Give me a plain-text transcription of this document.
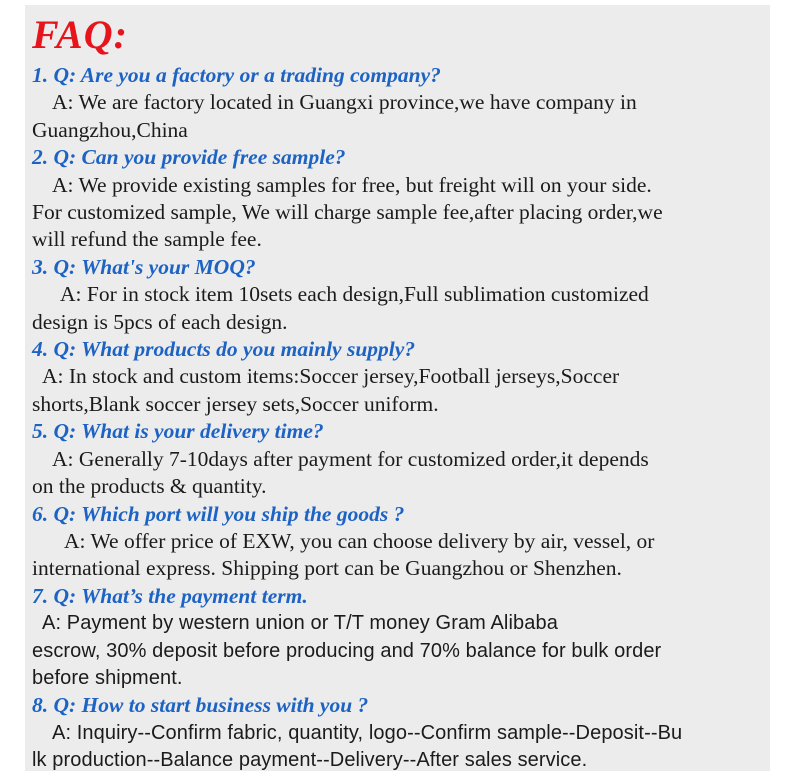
FAQ:

1. Q: Are you a factory or a trading company?

A: We are factory located in Guangxi province,we have company in
Guangzhou,China

2. Q: Can you provide free sample?

A: We provide existing samples for free, but freight will on your side.
For customized sample, We will charge sample fee,after placing order,we
will refund the sample fee.

3. Q: What's your MOQ?

A: For in stock item 10sets each design,Full sublimation customized
design is 5pcs of each design.

4. Q: What products do you mainly supply?

A: In stock and custom items:Soccer jersey,Football jerseys,Soccer
shorts,Blank soccer jersey sets,Soccer uniform.

5. Q: What is your delivery time?

A: Generally 7-10days after payment for customized order,it depends
on the products & quantity.

6. Q: Which port will you ship the goods ?

A: We offer price of EXW, you can choose delivery by air, vessel, or
international express. Shipping port can be Guangzhou or Shenzhen.

7. Q: What’s the payment term.

A: Payment by western union or T/T money Gram Alibaba
escrow, 30% deposit before producing and 70% balance for bulk order
before shipment.

8. Q: How to start business with you ?

A: Inquiry--Confirm fabric, quantity, logo--Confirm sample--Deposit--Bu
lk production--Balance payment--Delivery--After sales service.
